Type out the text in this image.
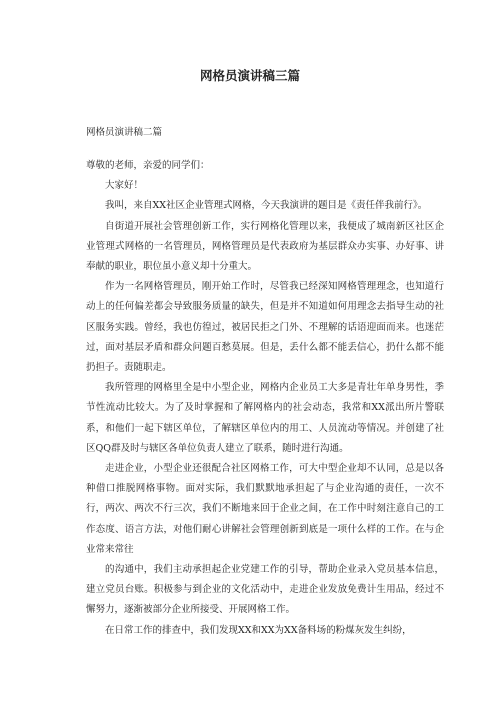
网格员演讲稿三篇

网格员演讲稿二篇

尊敬的老师，亲爱的同学们：

大家好！

我叫，来自XX社区企业管理式网格，今天我演讲的题目是《责任伴我前行》。

自街道开展社会管理创新工作，实行网格化管理以来，我便成了城南新区社区企业管理式网格的一名管理员，网格管理员是代表政府为基层群众办实事、办好事、讲奉献的职业，职位虽小意义却十分重大。

作为一名网格管理员，刚开始工作时，尽管我已经深知网格管理理念，也知道行动上的任何偏差都会导致服务质量的缺失，但是并不知道如何用理念去指导生动的社区服务实践。曾经，我也仿徨过，被居民拒之门外、不理解的话语迎面而来。也迷茫过，面对基层矛盾和群众问题百愁莫展。但是，丢什么都不能丢信心，扔什么都不能扔担子。责随职走。

我所管理的网格里全是中小型企业，网格内企业员工大多是青壮年单身男性，季节性流动比较大。为了及时掌握和了解网格内的社会动态，我常和XX派出所片警联系，和他们一起下辖区单位，了解辖区单位内的用工、人员流动等情况。并创建了社区QQ群及时与辖区各单位负责人建立了联系，随时进行沟通。

走进企业，小型企业还很配合社区网格工作，可大中型企业却不认同，总是以各种借口推脱网格事物。面对实际，我们默默地承担起了与企业沟通的责任，一次不行，两次、两次不行三次，我们不断地来回于企业之间，在工作中时刻注意自己的工作态度、语言方法，对他们耐心讲解社会管理创新到底是一项什么样的工作。在与企业常来常往

的沟通中，我们主动承担起企业党建工作的引导，帮助企业录入党员基本信息，建立党员台账。积极参与到企业的文化活动中，走进企业发放免费计生用品，经过不懈努力，逐渐被部分企业所接受、开展网格工作。

在日常工作的排查中，我们发现XX和XX为XX备料场的粉煤灰发生纠纷，
